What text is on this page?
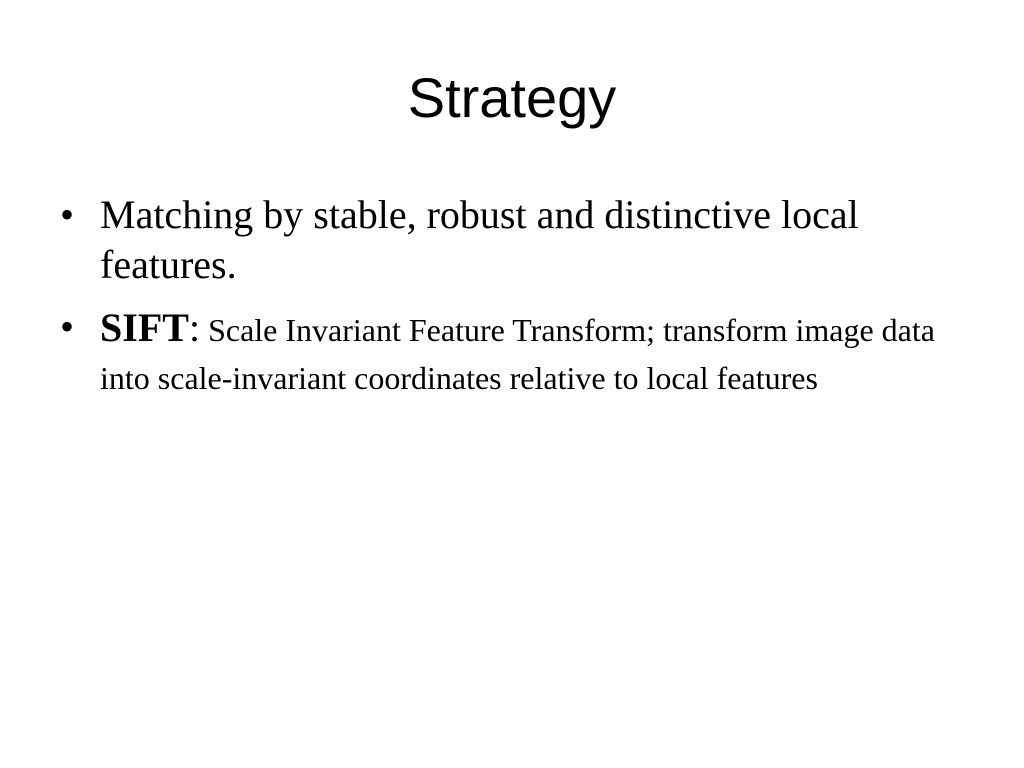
Strategy
• Matching by stable, robust and distinctive local features.
• SIFT: Scale Invariant Feature Transform; transform image data into scale-invariant coordinates relative to local features
